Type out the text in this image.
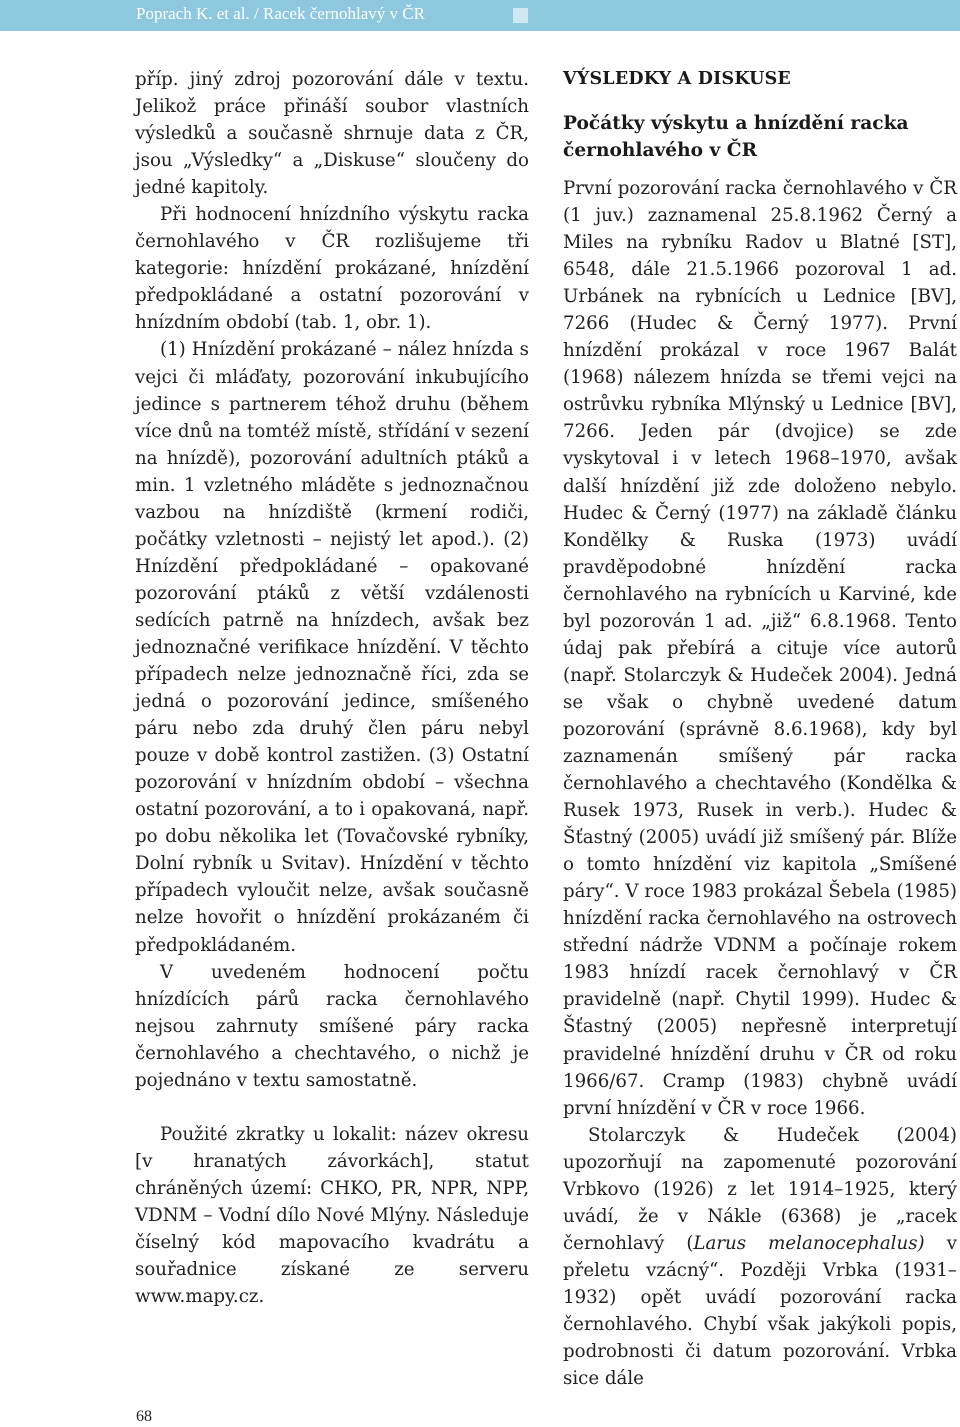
Poprach K. et al. / Racek černohlavý v ČR

příp. jiný zdroj pozorování dále v textu. Jelikož práce přináší soubor vlastních výsledků a současně shrnuje data z ČR, jsou „Výsledky“ a „Diskuse“ sloučeny do jedné kapitoly.

Při hodnocení hnízdního výskytu racka černohlavého v ČR rozlišujeme tři kategorie: hnízdění prokázané, hnízdění předpokládané a ostatní pozorování v hnízdním období (tab. 1, obr. 1).

(1) Hnízdění prokázané – nález hnízda s vejci či mláďaty, pozorování inkubujícího jedince s partnerem téhož druhu (během více dnů na tomtéž místě, střídání v sezení na hnízdě), pozorování adultních ptáků a min. 1 vzletného mláděte s jednoznačnou vazbou na hnízdiště (krmení rodiči, počátky vzletnosti – nejistý let apod.). (2) Hnízdění předpokládané – opakované pozorování ptáků z větší vzdálenosti sedících patrně na hnízdech, avšak bez jednoznačné verifikace hnízdění. V těchto případech nelze jednoznačně říci, zda se jedná o pozorování jedince, smíšeného páru nebo zda druhý člen páru nebyl pouze v době kontrol zastižen. (3) Ostatní pozorování v hnízdním období – všechna ostatní pozorování, a to i opakovaná, např. po dobu několika let (Tovačovské rybníky, Dolní rybník u Svitav). Hnízdění v těchto případech vyloučit nelze, avšak současně nelze hovořit o hnízdění prokázaném či předpokládaném.

V uvedeném hodnocení počtu hnízdících párů racka černohlavého nejsou zahrnuty smíšené páry racka černohlavého a chechtavého, o nichž je pojednáno v textu samostatně.

Použité zkratky u lokalit: název okresu [v hranatých závorkách], statut chráněných území: CHKO, PR, NPR, NPP, VDNM – Vodní dílo Nové Mlýny. Následuje číselný kód mapovacího kvadrátu a souřadnice získané ze serveru www.mapy.cz.

VÝSLEDKY A DISKUSE
Počátky výskytu a hnízdění racka černohlavého v ČR

První pozorování racka černohlavého v ČR (1 juv.) zaznamenal 25.8.1962 Černý a Miles na rybníku Radov u Blatné [ST], 6548, dále 21.5.1966 pozoroval 1 ad. Urbánek na rybnících u Lednice [BV], 7266 (Hudec & Černý 1977). První hnízdění prokázal v roce 1967 Balát (1968) nálezem hnízda se třemi vejci na ostrůvku rybníka Mlýnský u Lednice [BV], 7266. Jeden pár (dvojice) se zde vyskytoval i v letech 1968–1970, avšak další hnízdění již zde doloženo nebylo. Hudec & Černý (1977) na základě článku Kondělky & Ruska (1973) uvádí pravděpodobné hnízdění racka černohlavého na rybnících u Karviné, kde byl pozorován 1 ad. „již“ 6.8.1968. Tento údaj pak přebírá a cituje více autorů (např. Stolarczyk & Hudeček 2004). Jedná se však o chybně uvedené datum pozorování (správně 8.6.1968), kdy byl zaznamenán smíšený pár racka černohlavého a chechtavého (Kondělka & Rusek 1973, Rusek in verb.). Hudec & Šťastný (2005) uvádí již smíšený pár. Blíže o tomto hnízdění viz kapitola „Smíšené páry“. V roce 1983 prokázal Šebela (1985) hnízdění racka černohlavého na ostrovech střední nádrže VDNM a počínaje rokem 1983 hnízdí racek černohlavý v ČR pravidelně (např. Chytil 1999). Hudec & Šťastný (2005) nepřesně interpretují pravidelné hnízdění druhu v ČR od roku 1966/67. Cramp (1983) chybně uvádí první hnízdění v ČR v roce 1966.

Stolarczyk & Hudeček (2004) upozorňují na zapomenuté pozorování Vrbkovo (1926) z let 1914–1925, který uvádí, že v Nákle (6368) je „racek černohlavý (Larus melanocephalus) v přeletu vzácný“. Později Vrbka (1931–1932) opět uvádí pozorování racka černohlavého. Chybí však jakýkoli popis, podrobnosti či datum pozorování. Vrbka sice dále

68
